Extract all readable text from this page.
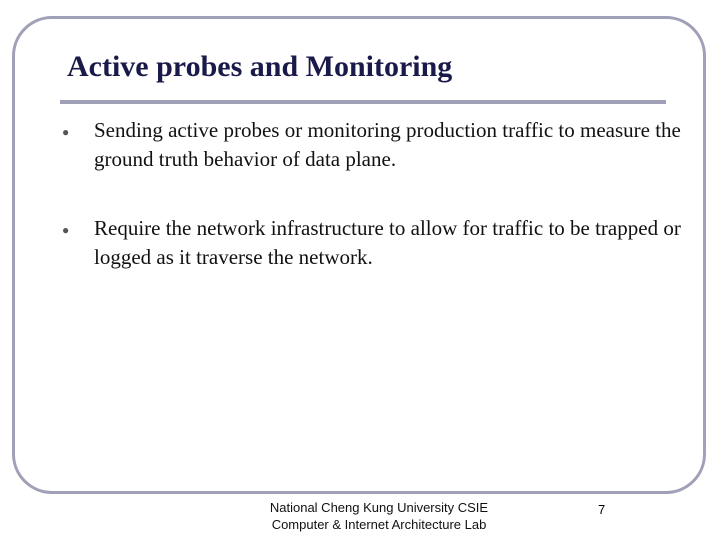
Active probes and Monitoring
● Sending active probes or monitoring production traffic to measure the ground truth behavior of data plane.
● Require the network infrastructure to allow for traffic to be trapped or logged as it traverse the network.
National Cheng Kung University CSIE
Computer & Internet Architecture Lab
7
